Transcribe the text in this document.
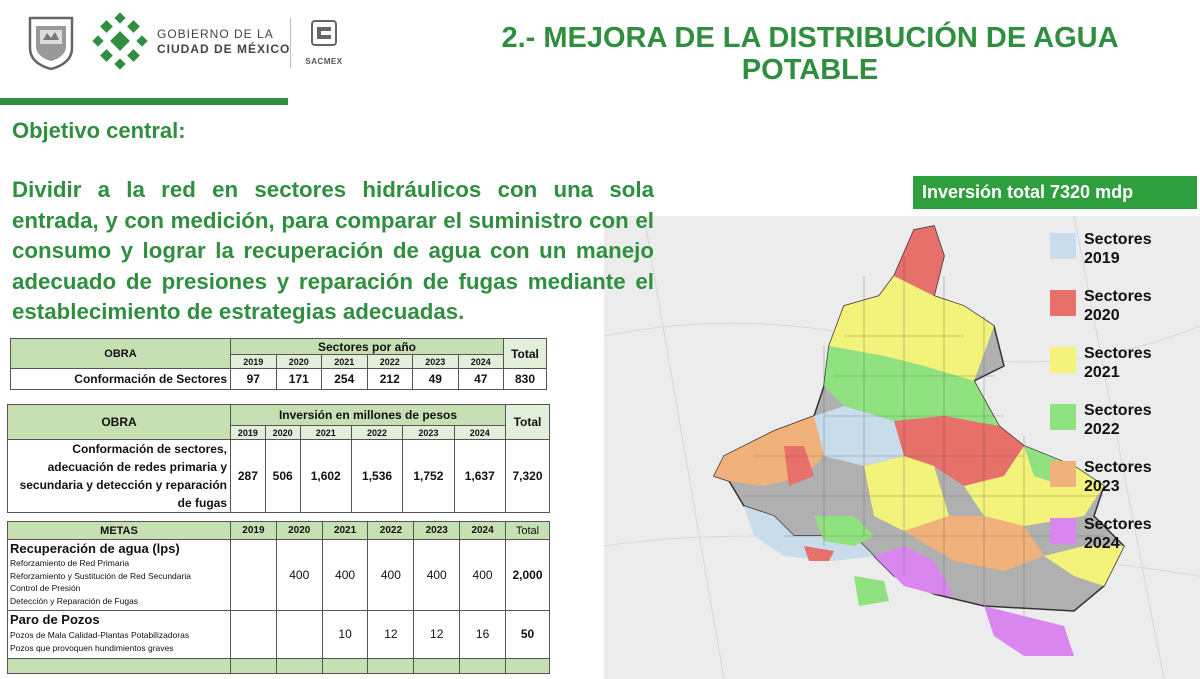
GOBIERNO DE LA
CIUDAD DE MÉXICO
SACMEX
2.- MEJORA DE LA DISTRIBUCIÓN DE AGUA
POTABLE
Objetivo central:
Dividir a la red en sectores hidráulicos con una sola entrada, y con medición, para comparar el suministro con el consumo y lograr la recuperación de agua con un manejo adecuado de presiones y reparación de fugas mediante el establecimiento de estrategias adecuadas.
Inversión total 7320 mdp
Sectores 2019
Sectores 2020
Sectores 2021
Sectores 2022
Sectores 2023
Sectores 2024
OBRA	Sectores por año						Total
	2019	2020	2021	2022	2023	2024	
Conformación de Sectores	97	171	254	212	49	47	830
OBRA	Inversión en millones de pesos						Total
	2019	2020	2021	2022	2023	2024	

Conformación de sectores,
adecuación de redes primaria y
secundaria y detección y reparación
de fugas	287	506	1,602	1,536	1,752	1,637	7,320
METAS	2019	2020	2021	2022	2023	2024	Total

Recuperación de agua (lps)
Reforzamiento de Red Primaria
Reforzamiento y Sustitución de Red Secundaria
Control de Presión
Detección y Reparación de Fugas		400	400	400	400	400	2,000

Paro de Pozos
Pozos de Mala Calidad-Plantas Potabilizadoras
Pozos que provoquen hundimientos graves			10	12	12	16	50
